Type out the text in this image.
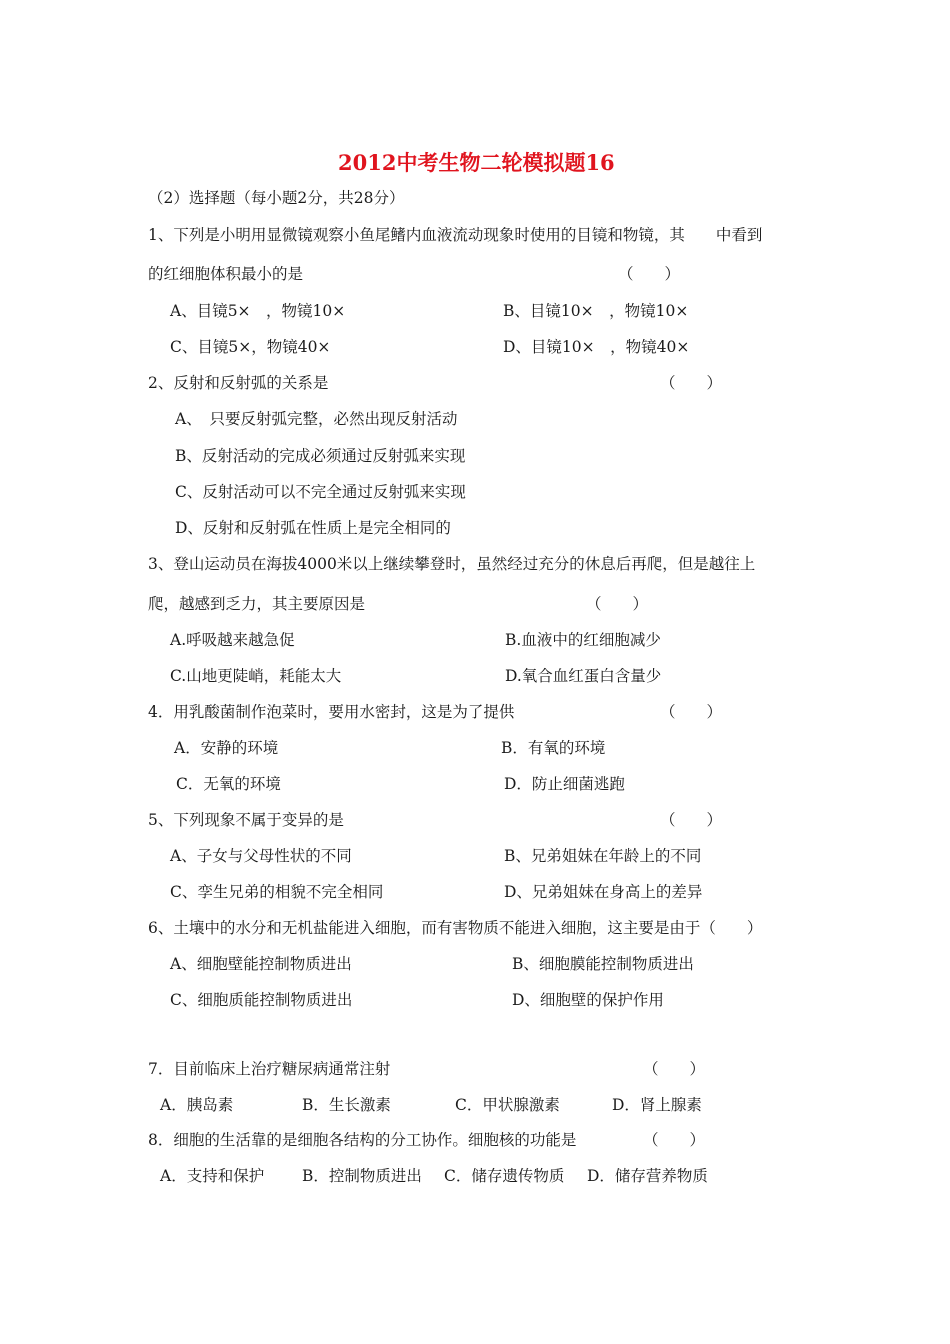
2012中考生物二轮模拟题16
（2）选择题（每小题2分，共28分）
1、下列是小明用显微镜观察小鱼尾鳍内血液流动现象时使用的目镜和物镜，其　　中看到
的红细胞体积最小的是	（　　）
A、目镜5×　，物镜10×	B、目镜10×　，物镜10×
C、目镜5×，物镜40×	D、目镜10×　，物镜40×
2、反射和反射弧的关系是	（　　）
A、　只要反射弧完整，必然出现反射活动
B、反射活动的完成必须通过反射弧来实现
C、反射活动可以不完全通过反射弧来实现
D、反射和反射弧在性质上是完全相同的
3、登山运动员在海拔4000米以上继续攀登时，虽然经过充分的休息后再爬，但是越往上
爬，越感到乏力，其主要原因是	（　　）
A.呼吸越来越急促	B.血液中的红细胞减少
C.山地更陡峭，耗能太大	D.氧合血红蛋白含量少
4．用乳酸菌制作泡菜时，要用水密封，这是为了提供	（　　）
A．安静的环境	B．有氧的环境
C．无氧的环境	D．防止细菌逃跑
5、下列现象不属于变异的是	（　　）
A、子女与父母性状的不同	B、兄弟姐妹在年龄上的不同
C、孪生兄弟的相貌不完全相同	D、兄弟姐妹在身高上的差异
6、土壤中的水分和无机盐能进入细胞，而有害物质不能进入细胞，这主要是由于（　　）
A、细胞壁能控制物质进出	B、细胞膜能控制物质进出
C、细胞质能控制物质进出	D、细胞壁的保护作用
7．目前临床上治疗糖尿病通常注射	（　　）
A．胰岛素	B．生长激素	C．甲状腺激素	D．肾上腺素
8．细胞的生活靠的是细胞各结构的分工协作。细胞核的功能是	（　　）
A．支持和保护 B．控制物质进出 C．储存遗传物质 D．储存营养物质
